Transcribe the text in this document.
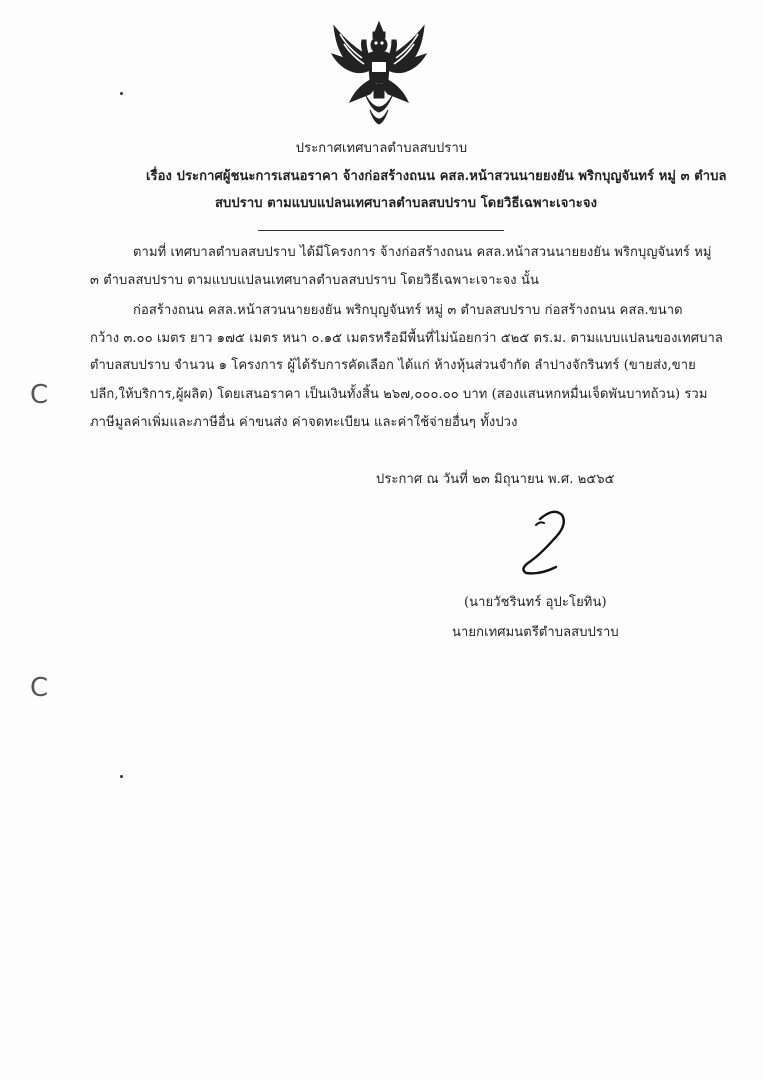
ประกาศเทศบาลตำบลสบปราบ
เรื่อง ประกาศผู้ชนะการเสนอราคา จ้างก่อสร้างถนน คสล.หน้าสวนนายยงยัน พริกบุญจันทร์ หมู่ ๓ ตำบล
สบปราบ ตามแบบแปลนเทศบาลตำบลสบปราบ โดยวิธีเฉพาะเจาะจง
ตามที่ เทศบาลตำบลสบปราบ ได้มีโครงการ จ้างก่อสร้างถนน คสล.หน้าสวนนายยงยัน พริกบุญจันทร์ หมู่
๓ ตำบลสบปราบ ตามแบบแปลนเทศบาลตำบลสบปราบ โดยวิธีเฉพาะเจาะจง นั้น
ก่อสร้างถนน คสล.หน้าสวนนายยงยัน พริกบุญจันทร์ หมู่ ๓ ตำบลสบปราบ ก่อสร้างถนน คสล.ขนาด
กว้าง ๓.๐๐ เมตร ยาว ๑๗๕ เมตร หนา ๐.๑๕ เมตรหรือมีพื้นที่ไม่น้อยกว่า ๕๒๕ ตร.ม. ตามแบบแปลนของเทศบาล
ตำบลสบปราบ จำนวน ๑ โครงการ ผู้ได้รับการคัดเลือก ได้แก่ ห้างหุ้นส่วนจำกัด ลำปางจักรินทร์ (ขายส่ง,ขาย
ปลีก,ให้บริการ,ผู้ผลิต) โดยเสนอราคา เป็นเงินทั้งสิ้น ๒๖๗,๐๐๐.๐๐ บาท (สองแสนหกหมื่นเจ็ดพันบาทถ้วน) รวม
ภาษีมูลค่าเพิ่มและภาษีอื่น ค่าขนส่ง ค่าจดทะเบียน และค่าใช้จ่ายอื่นๆ ทั้งปวง
ประกาศ ณ วันที่ ๒๓ มิถุนายน พ.ศ. ๒๕๖๕
(นายวัชรินทร์ อุปะโยทิน)
นายกเทศมนตรีตำบลสบปราบ
C
C
